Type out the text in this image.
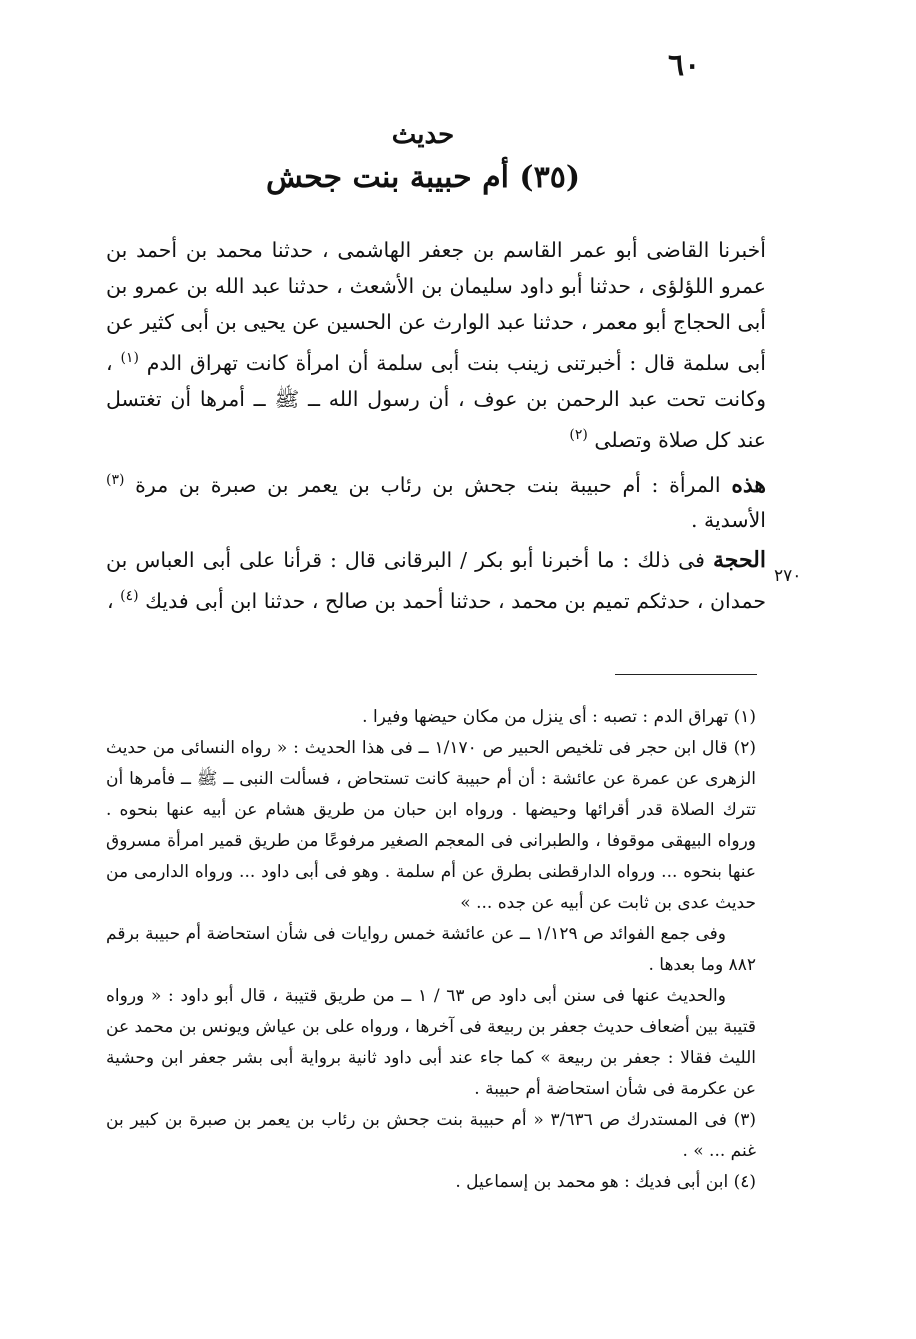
٦٠
حديث
(٣٥) أم حبيبة بنت جحش

أخبرنا القاضى أبو عمر القاسم بن جعفر الهاشمى ، حدثنا محمد بن أحمد بن عمرو اللؤلؤى ، حدثنا أبو داود سليمان بن الأشعث ، حدثنا عبد الله بن عمرو بن أبى الحجاج أبو معمر ، حدثنا عبد الوارث عن الحسين عن يحيى بن أبى كثير عن أبى سلمة قال : أخبرتنى زينب بنت أبى سلمة أن امرأة كانت تهراق الدم $^{(١)}$ ، وكانت تحت عبد الرحمن بن عوف ، أن رسول الله ــ ﷺ ــ أمرها أن تغتسل عند كل صلاة وتصلى $^{(٢)}$

هذه المرأة : أم حبيبة بنت جحش بن رئاب بن يعمر بن صبرة بن مرة $^{(٣)}$ الأسدية .

الحجة فى ذلك : ما أخبرنا أبو بكر / البرقانى قال : قرأنا على أبى العباس بن حمدان ، حدثكم تميم بن محمد ، حدثنا أحمد بن صالح ، حدثنا ابن أبى فديك $^{(٤)}$ ،

٢٧٠

(١) تهراق الدم : تصبه : أى ينزل من مكان حيضها وفيرا .

(٢) قال ابن حجر فى تلخيص الحبير ص ١/١٧٠ ــ فى هذا الحديث : « رواه النسائى من حديث الزهرى عن عمرة عن عائشة : أن أم حبيبة كانت تستحاض ، فسألت النبى ــ ﷺ ــ فأمرها أن تترك الصلاة قدر أقرائها وحيضها . ورواه ابن حبان من طريق هشام عن أبيه عنها بنحوه . ورواه البيهقى موقوفا ، والطبرانى فى المعجم الصغير مرفوعًا من طريق قمير امرأة مسروق عنها بنحوه ... ورواه الدارقطنى بطرق عن أم سلمة . وهو فى أبى داود ... ورواه الدارمى من حديث عدى بن ثابت عن أبيه عن جده ... »

وفى جمع الفوائد ص ١/١٢٩ ــ عن عائشة خمس روايات فى شأن استحاضة أم حبيبة برقم ٨٨٢ وما بعدها .

والحديث عنها فى سنن أبى داود ص ٦٣ / ١ ــ من طريق قتيبة ، قال أبو داود : « ورواه قتيبة بين أضعاف حديث جعفر بن ربيعة فى آخرها ، ورواه على بن عياش ويونس بن محمد عن الليث فقالا : جعفر بن ربيعة » كما جاء عند أبى داود ثانية برواية أبى بشر جعفر ابن وحشية عن عكرمة فى شأن استحاضة أم حبيبة .

(٣) فى المستدرك ص ٣/٦٣٦ « أم حبيبة بنت جحش بن رئاب بن يعمر بن صبرة بن كبير بن غنم ... » .

(٤) ابن أبى فديك : هو محمد بن إسماعيل .
